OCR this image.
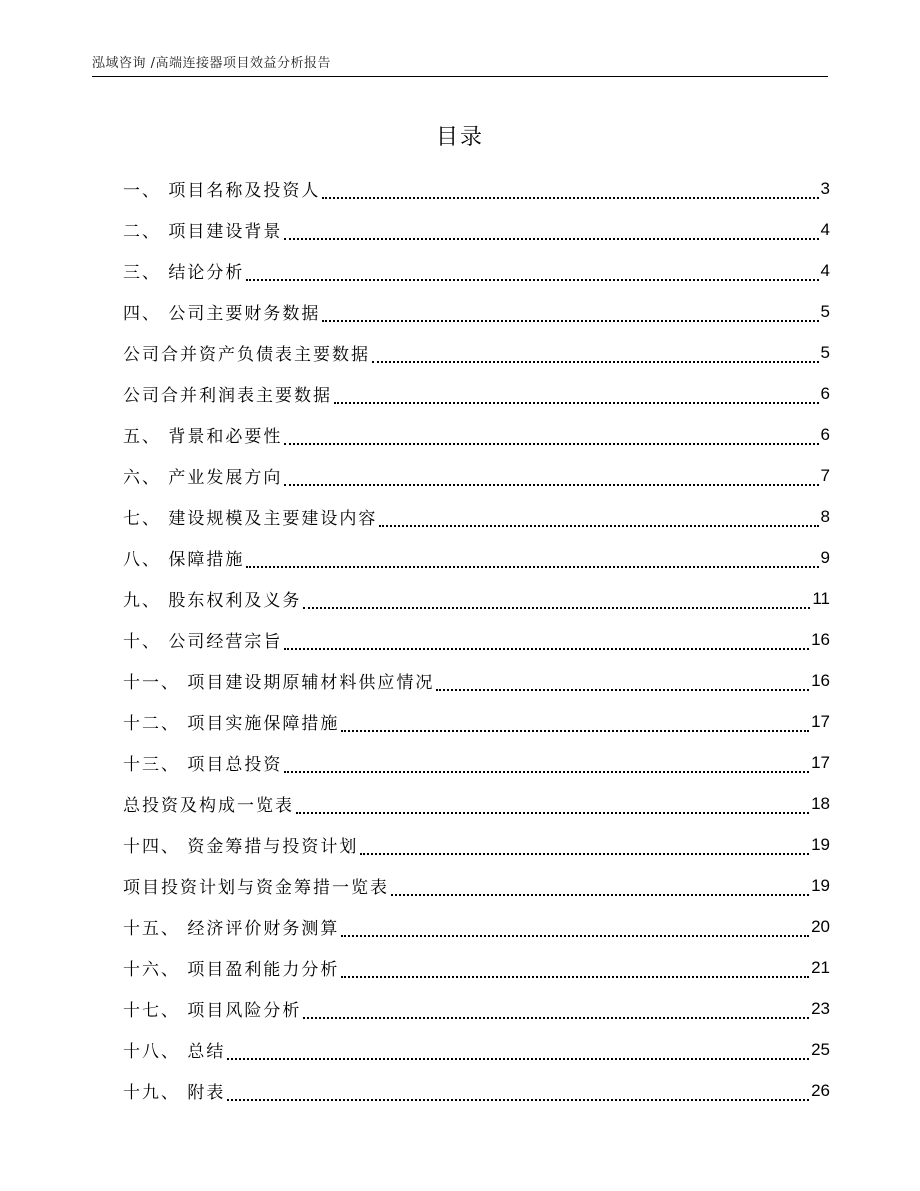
泓域咨询 /高端连接器项目效益分析报告
目录
一、 项目名称及投资人	3
二、 项目建设背景	4
三、 结论分析	4
四、 公司主要财务数据	5
公司合并资产负债表主要数据	5
公司合并利润表主要数据	6
五、 背景和必要性	6
六、 产业发展方向	7
七、 建设规模及主要建设内容	8
八、 保障措施	9
九、 股东权利及义务	11
十、 公司经营宗旨	16
十一、 项目建设期原辅材料供应情况	16
十二、 项目实施保障措施	17
十三、 项目总投资	17
总投资及构成一览表	18
十四、 资金筹措与投资计划	19
项目投资计划与资金筹措一览表	19
十五、 经济评价财务测算	20
十六、 项目盈利能力分析	21
十七、 项目风险分析	23
十八、 总结	25
十九、 附表	26
